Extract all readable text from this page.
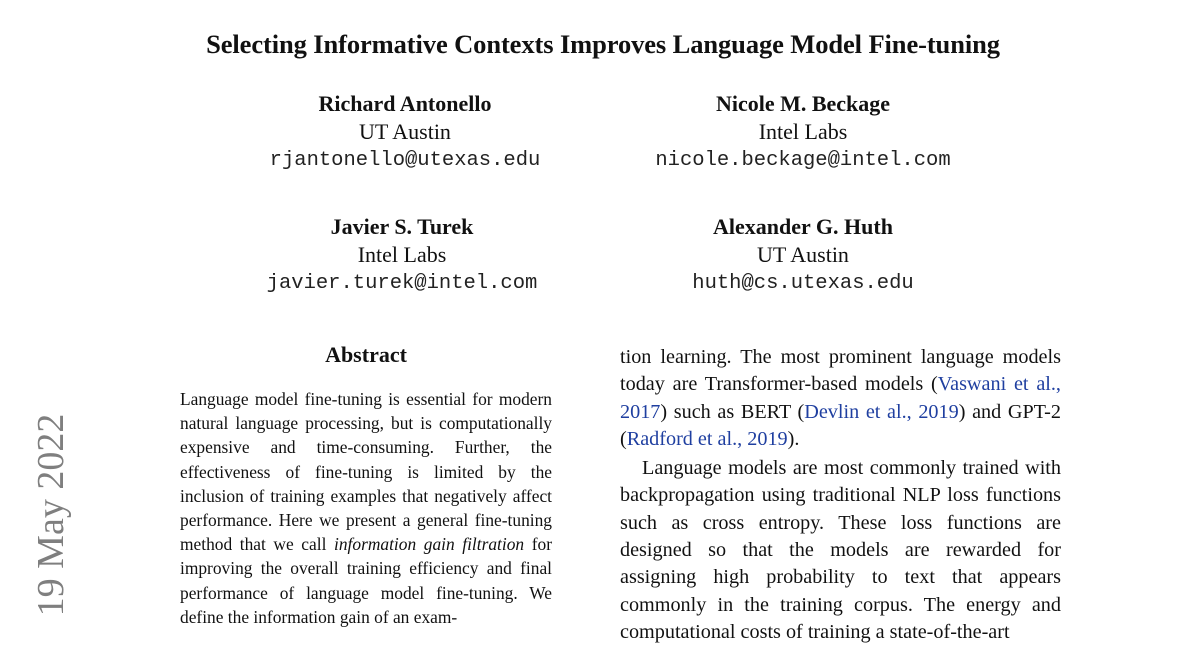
Selecting Informative Contexts Improves Language Model Fine-tuning
Richard Antonello
UT Austin
rjantonello@utexas.edu
Nicole M. Beckage
Intel Labs
nicole.beckage@intel.com
Javier S. Turek
Intel Labs
javier.turek@intel.com
Alexander G. Huth
UT Austin
huth@cs.utexas.edu
19 May 2022
Abstract

Language model fine-tuning is essential for modern natural language processing, but is computationally expensive and time-consuming. Further, the effectiveness of fine-tuning is limited by the inclusion of training examples that negatively affect performance. Here we present a general fine-tuning method that we call information gain filtration for improving the overall training efficiency and final performance of language model fine-tuning. We define the information gain of an exam-

tion learning. The most prominent language models today are Transformer-based models (Vaswani et al., 2017) such as BERT (Devlin et al., 2019) and GPT-2 (Radford et al., 2019).

Language models are most commonly trained with backpropagation using traditional NLP loss functions such as cross entropy. These loss functions are designed so that the models are rewarded for assigning high probability to text that appears commonly in the training corpus. The energy and computational costs of training a state-of-the-art
